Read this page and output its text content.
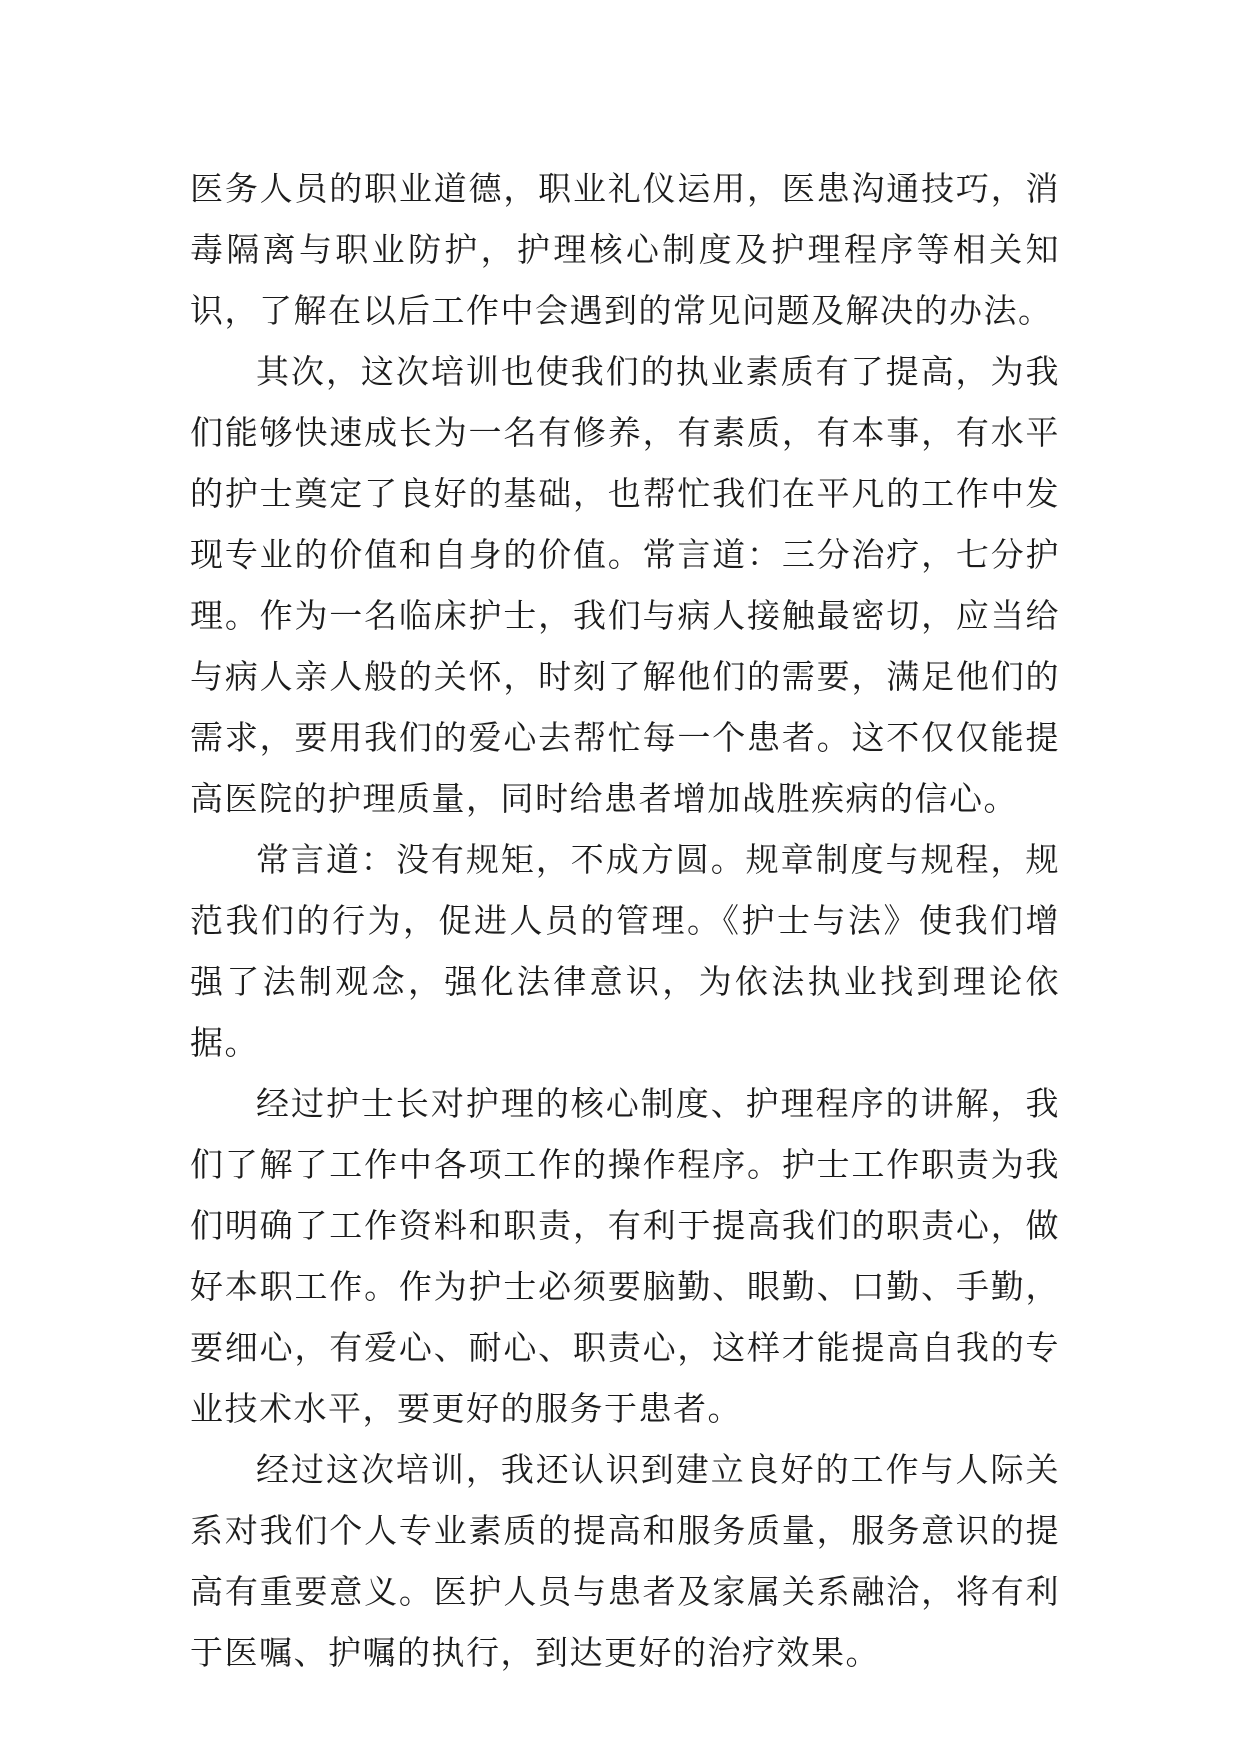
医务人员的职业道德，职业礼仪运用，医患沟通技巧，消毒隔离与职业防护，护理核心制度及护理程序等相关知识，了解在以后工作中会遇到的常见问题及解决的办法。

其次，这次培训也使我们的执业素质有了提高，为我们能够快速成长为一名有修养，有素质，有本事，有水平的护士奠定了良好的基础，也帮忙我们在平凡的工作中发现专业的价值和自身的价值。常言道：三分治疗，七分护理。作为一名临床护士，我们与病人接触最密切，应当给与病人亲人般的关怀，时刻了解他们的需要，满足他们的需求，要用我们的爱心去帮忙每一个患者。这不仅仅能提高医院的护理质量，同时给患者增加战胜疾病的信心。

常言道：没有规矩，不成方圆。规章制度与规程，规范我们的行为，促进人员的管理。《护士与法》使我们增强了法制观念，强化法律意识，为依法执业找到理论依据。

经过护士长对护理的核心制度、护理程序的讲解，我们了解了工作中各项工作的操作程序。护士工作职责为我们明确了工作资料和职责，有利于提高我们的职责心，做好本职工作。作为护士必须要脑勤、眼勤、口勤、手勤，要细心，有爱心、耐心、职责心，这样才能提高自我的专业技术水平，要更好的服务于患者。

经过这次培训，我还认识到建立良好的工作与人际关系对我们个人专业素质的提高和服务质量，服务意识的提高有重要意义。医护人员与患者及家属关系融洽，将有利于医嘱、护嘱的执行，到达更好的治疗效果。
